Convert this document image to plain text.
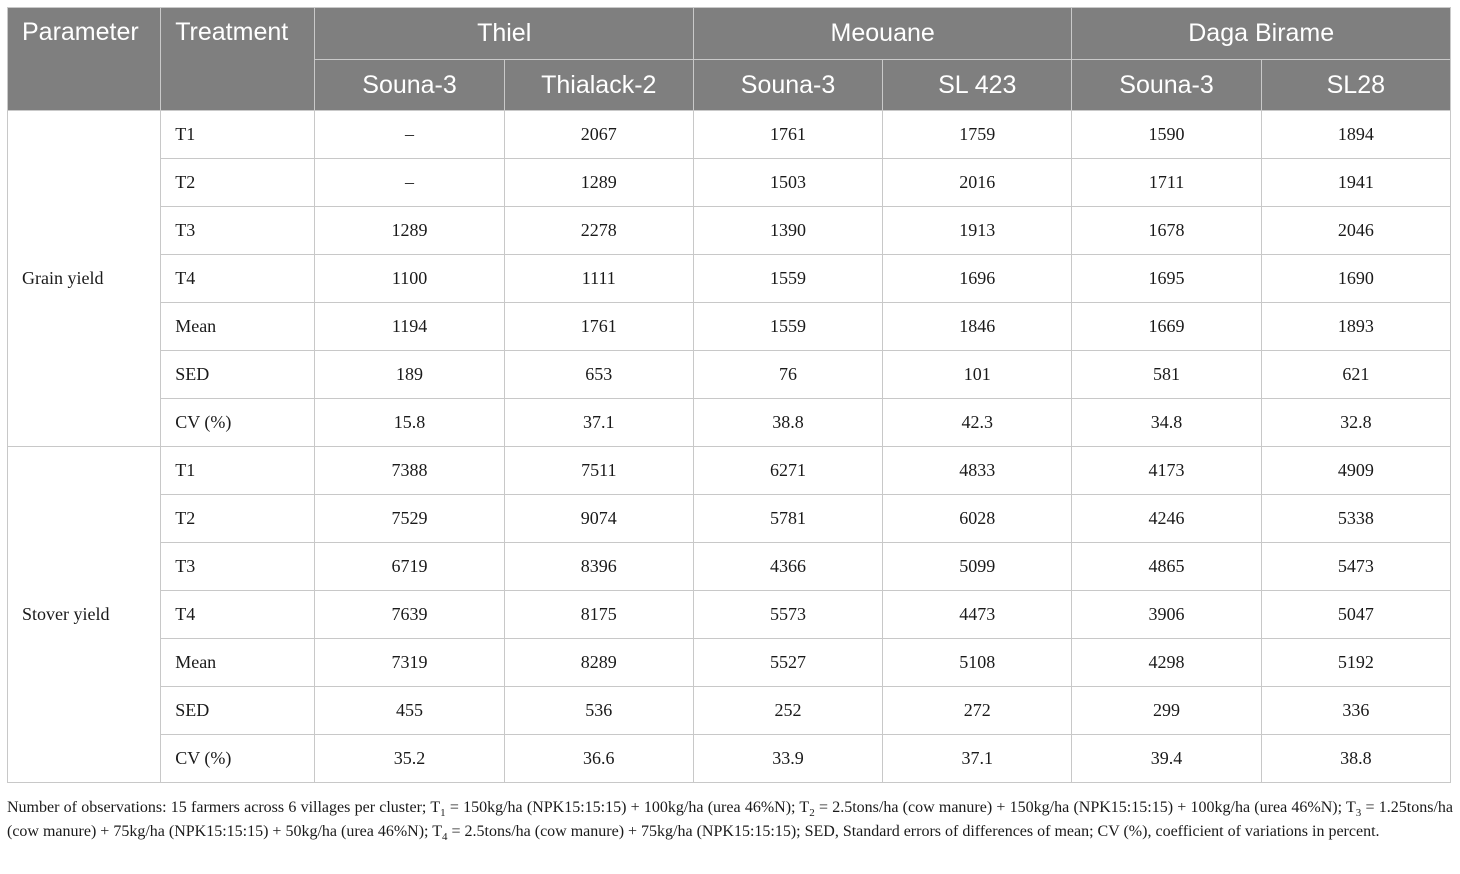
Parameter	Treatment	Thiel		Meouane		Daga Birame	
		Souna-3	Thialack-2	Souna-3	SL 423	Souna-3	SL28
Grain yield	T1	–	2067	1761	1759	1590	1894
	T2	–	1289	1503	2016	1711	1941
	T3	1289	2278	1390	1913	1678	2046
	T4	1100	1111	1559	1696	1695	1690
	Mean	1194	1761	1559	1846	1669	1893
	SED	189	653	76	101	581	621
	CV (%)	15.8	37.1	38.8	42.3	34.8	32.8
Stover yield	T1	7388	7511	6271	4833	4173	4909
	T2	7529	9074	5781	6028	4246	5338
	T3	6719	8396	4366	5099	4865	5473
	T4	7639	8175	5573	4473	3906	5047
	Mean	7319	8289	5527	5108	4298	5192
	SED	455	536	252	272	299	336
	CV (%)	35.2	36.6	33.9	37.1	39.4	38.8

Number of observations: 15 farmers across 6 villages per cluster; $T_1 = 150kg/ha$ (NPK15:15:15) + 100kg/ha (urea 46%N); $T_2$ = 2.5tons/ha (cow manure) + 150kg/ha (NPK15:15:15) + 100kg/ha (urea 46%N); $T_3$ = 1.25tons/ha (cow manure) + 75kg/ha (NPK15:15:15) + 50kg/ha (urea 46%N); $T_4$ = 2.5tons/ha (cow manure) + 75kg/ha (NPK15:15:15); SED, Standard errors of differences of mean; CV (%), coefficient of variations in percent.
